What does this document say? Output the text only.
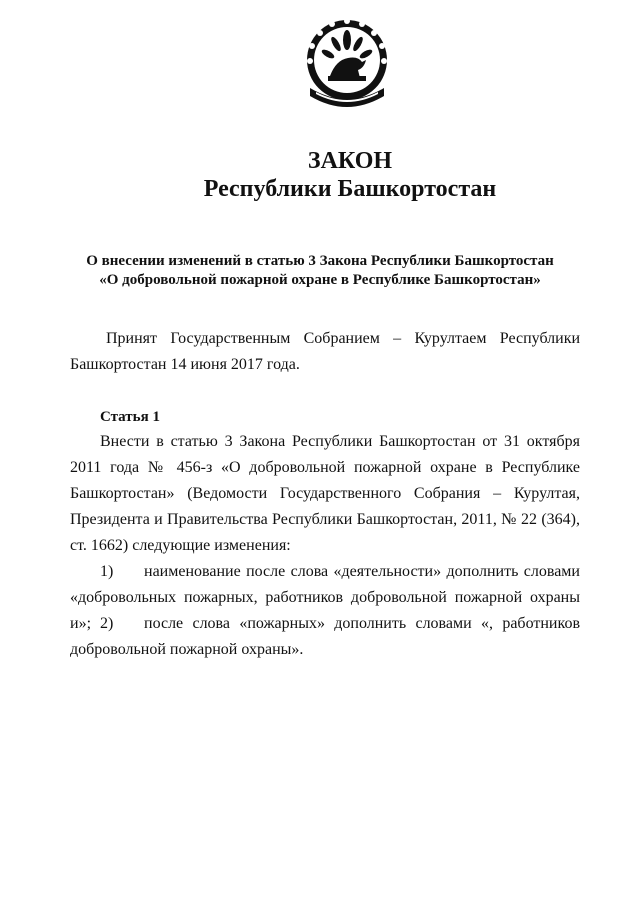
ЗАКОН
Республики Башкортостан

О внесении изменений в статью 3 Закона Республики Башкортостан

«О добровольной пожарной охране в Республике Башкортостан»

Принят Государственным Собранием – Курултаем Республики

Башкортостан 14 июня 2017 года.

Статья 1

Внести в статью 3 Закона Республики Башкортостан от 31 октября

2011 года № 456-з «О добровольной пожарной охране в Республике

Башкортостан» (Ведомости Государственного Собрания – Курултая,

Президента и Правительства Республики Башкортостан, 2011, № 22 (364),

ст. 1662) следующие изменения:

1) наименование после слова «деятельности» дополнить словами

«добровольных пожарных, работников добровольной пожарной охраны и»; 2) после слова «пожарных» дополнить словами «, работников

добровольной пожарной охраны».
